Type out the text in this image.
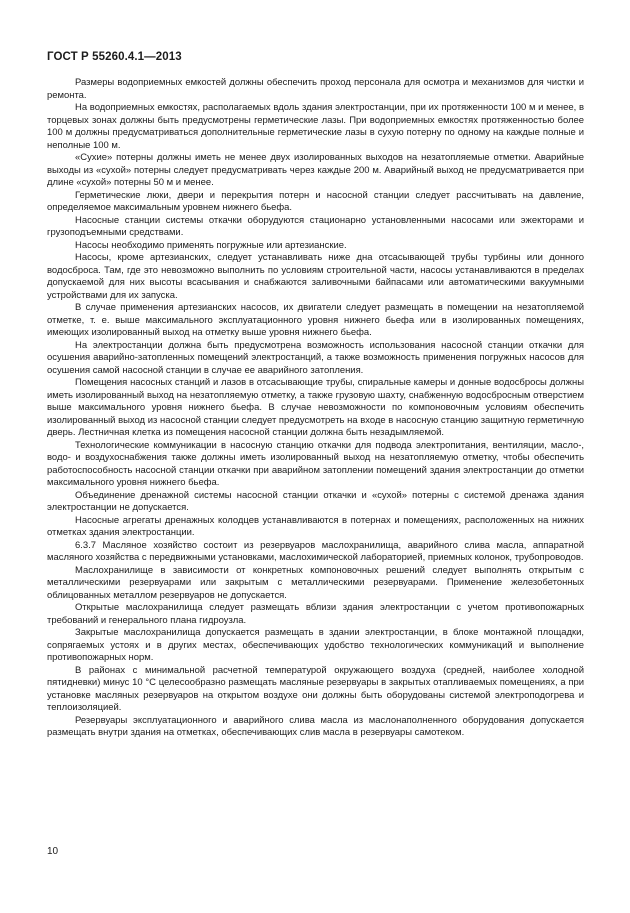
ГОСТ Р 55260.4.1—2013

Размеры водоприемных емкостей должны обеспечить проход персонала для осмотра и механизмов для чистки и ремонта.

На водоприемных емкостях, располагаемых вдоль здания электростанции, при их протяженности 100 м и менее, в торцевых зонах должны быть предусмотрены герметические лазы. При водоприемных емкостях протяженностью более 100 м должны предусматриваться дополнительные герметические лазы в сухую потерну по одному на каждые полные и неполные 100 м.

«Сухие» потерны должны иметь не менее двух изолированных выходов на незатопляемые отметки. Аварийные выходы из «сухой» потерны следует предусматривать через каждые 200 м. Аварийный выход не предусматривается при длине «сухой» потерны 50 м и менее.

Герметические люки, двери и перекрытия потерн и насосной станции следует рассчитывать на давление, определяемое максимальным уровнем нижнего бьефа.

Насосные станции системы откачки оборудуются стационарно установленными насосами или эжекторами и грузоподъемными средствами.

Насосы необходимо применять погружные или артезианские.

Насосы, кроме артезианских, следует устанавливать ниже дна отсасывающей трубы турбины или донного водосброса. Там, где это невозможно выполнить по условиям строительной части, насосы устанавливаются в пределах допускаемой для них высоты всасывания и снабжаются заливочными байпасами или автоматическими вакуумными устройствами для их запуска.

В случае применения артезианских насосов, их двигатели следует размещать в помещении на незатопляемой отметке, т. е. выше максимального эксплуатационного уровня нижнего бьефа или в изолированных помещениях, имеющих изолированный выход на отметку выше уровня нижнего бьефа.

На электростанции должна быть предусмотрена возможность использования насосной станции откачки для осушения аварийно-затопленных помещений электростанций, а также возможность применения погружных насосов для осушения самой насосной станции в случае ее аварийного затопления.

Помещения насосных станций и лазов в отсасывающие трубы, спиральные камеры и донные водосбросы должны иметь изолированный выход на незатопляемую отметку, а также грузовую шахту, снабженную водосбросным отверстием выше максимального уровня нижнего бьефа. В случае невозможности по компоновочным условиям обеспечить изолированный выход из насосной станции следует предусмотреть на входе в насосную станцию защитную герметичную дверь. Лестничная клетка из помещения насосной станции должна быть незадымляемой.

Технологические коммуникации в насосную станцию откачки для подвода электропитания, вентиляции, масло-, водо- и воздухоснабжения также должны иметь изолированный выход на незатопляемую отметку, чтобы обеспечить работоспособность насосной станции откачки при аварийном затоплении помещений здания электростанции до отметки максимального уровня нижнего бьефа.

Объединение дренажной системы насосной станции откачки и «сухой» потерны с системой дренажа здания электростанции не допускается.

Насосные агрегаты дренажных колодцев устанавливаются в потернах и помещениях, расположенных на нижних отметках здания электростанции.

6.3.7 Масляное хозяйство состоит из резервуаров маслохранилища, аварийного слива масла, аппаратной масляного хозяйства с передвижными установками, маслохимической лабораторией, приемных колонок, трубопроводов.

Маслохранилище в зависимости от конкретных компоновочных решений следует выполнять открытым с металлическими резервуарами или закрытым с металлическими резервуарами. Применение железобетонных облицованных металлом резервуаров не допускается.

Открытые маслохранилища следует размещать вблизи здания электростанции с учетом противопожарных требований и генерального плана гидроузла.

Закрытые маслохранилища допускается размещать в здании электростанции, в блоке монтажной площадки, сопрягаемых устоях и в других местах, обеспечивающих удобство технологических коммуникаций и выполнение противопожарных норм.

В районах с минимальной расчетной температурой окружающего воздуха (средней, наиболее холодной пятидневки) минус 10 °С целесообразно размещать масляные резервуары в закрытых отапливаемых помещениях, а при установке масляных резервуаров на открытом воздухе они должны быть оборудованы системой электроподогрева и теплоизоляцией.

Резервуары эксплуатационного и аварийного слива масла из маслонаполненного оборудования допускается размещать внутри здания на отметках, обеспечивающих слив масла в резервуары самотеком.

10
